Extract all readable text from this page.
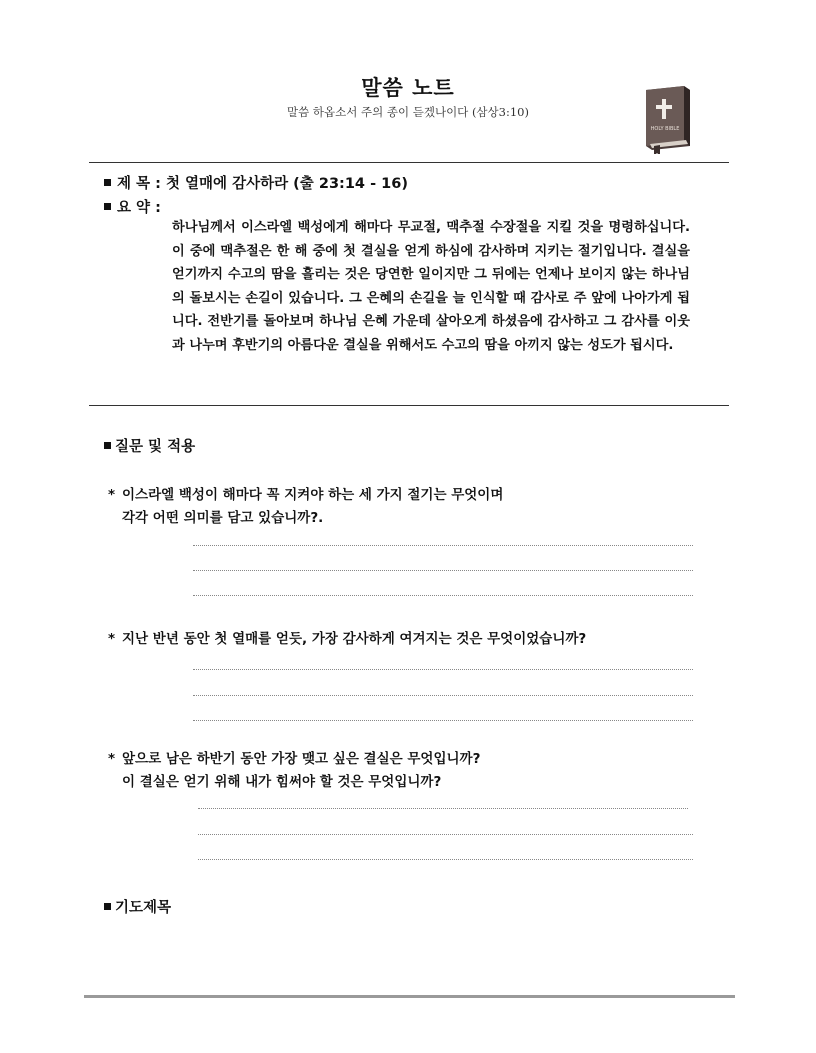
말씀 노트
말씀 하옵소서 주의 종이 듣겠나이다 (삼상3:10)
HOLY BIBLE
제 목 : 첫 열매에 감사하라 (출 23:14 - 16)
요 약 :
하나님께서 이스라엘 백성에게 해마다 무교절, 맥추절 수장절을 지킬 것을 명령하십니다. 이 중에 맥추절은 한 해 중에 첫 결실을 얻게 하심에 감사하며 지키는 절기입니다. 결실을 얻기까지 수고의 땀을 흘리는 것은 당연한 일이지만 그 뒤에는 언제나 보이지 않는 하나님의 돌보시는 손길이 있습니다. 그 은혜의 손길을 늘 인식할 때 감사로 주 앞에 나아가게 됩니다. 전반기를 돌아보며 하나님 은혜 가운데 살아오게 하셨음에 감사하고 그 감사를 이웃과 나누며 후반기의 아름다운 결실을 위해서도 수고의 땀을 아끼지 않는 성도가 됩시다.
질문 및 적용
* 이스라엘 백성이 해마다 꼭 지켜야 하는 세 가지 절기는 무엇이며
각각 어떤 의미를 담고 있습니까?.
* 지난 반년 동안 첫 열매를 얻듯, 가장 감사하게 여겨지는 것은 무엇이었습니까?
* 앞으로 남은 하반기 동안 가장 맺고 싶은 결실은 무엇입니까?
이 결실은 얻기 위해 내가 힘써야 할 것은 무엇입니까?
기도제목
